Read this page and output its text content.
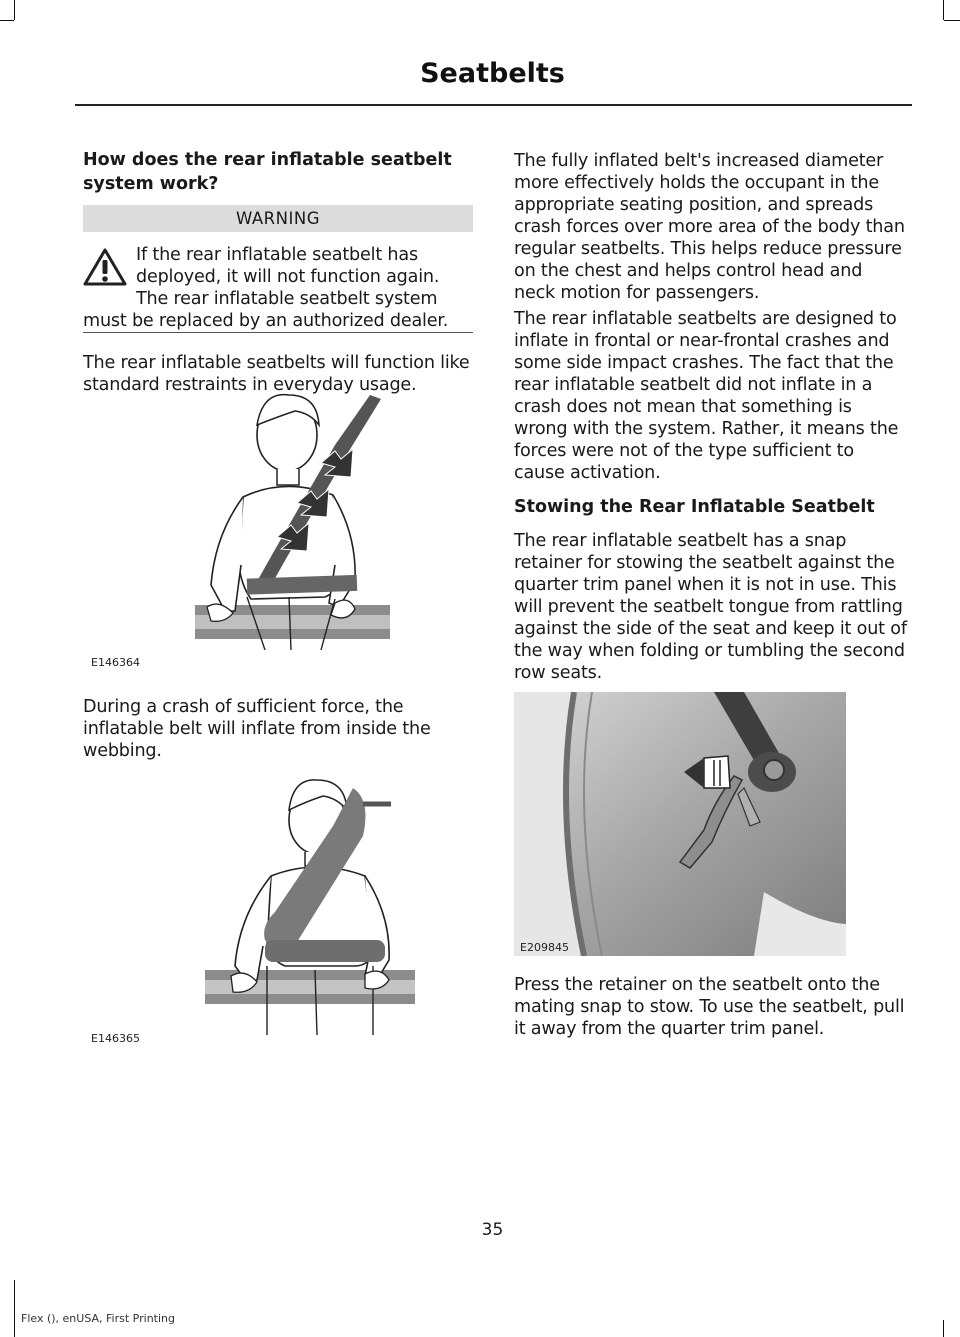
Seatbelts

How does the rear inflatable seatbelt system work?

WARNING

If the rear inflatable seatbelt has deployed, it will not function again. The rear inflatable seatbelt system must be replaced by an authorized dealer.

The rear inflatable seatbelts will function like standard restraints in everyday usage.

E146364

During a crash of sufficient force, the inflatable belt will inflate from inside the webbing.

E146365

The fully inflated belt's increased diameter more effectively holds the occupant in the appropriate seating position, and spreads crash forces over more area of the body than regular seatbelts. This helps reduce pressure on the chest and helps control head and neck motion for passengers.

The rear inflatable seatbelts are designed to inflate in frontal or near-frontal crashes and some side impact crashes. The fact that the rear inflatable seatbelt did not inflate in a crash does not mean that something is wrong with the system. Rather, it means the forces were not of the type sufficient to cause activation.

Stowing the Rear Inflatable Seatbelt

The rear inflatable seatbelt has a snap retainer for stowing the seatbelt against the quarter trim panel when it is not in use. This will prevent the seatbelt tongue from rattling against the side of the seat and keep it out of the way when folding or tumbling the second row seats.

E209845

Press the retainer on the seatbelt onto the mating snap to stow. To use the seatbelt, pull it away from the quarter trim panel.

35
Flex (), enUSA, First Printing
